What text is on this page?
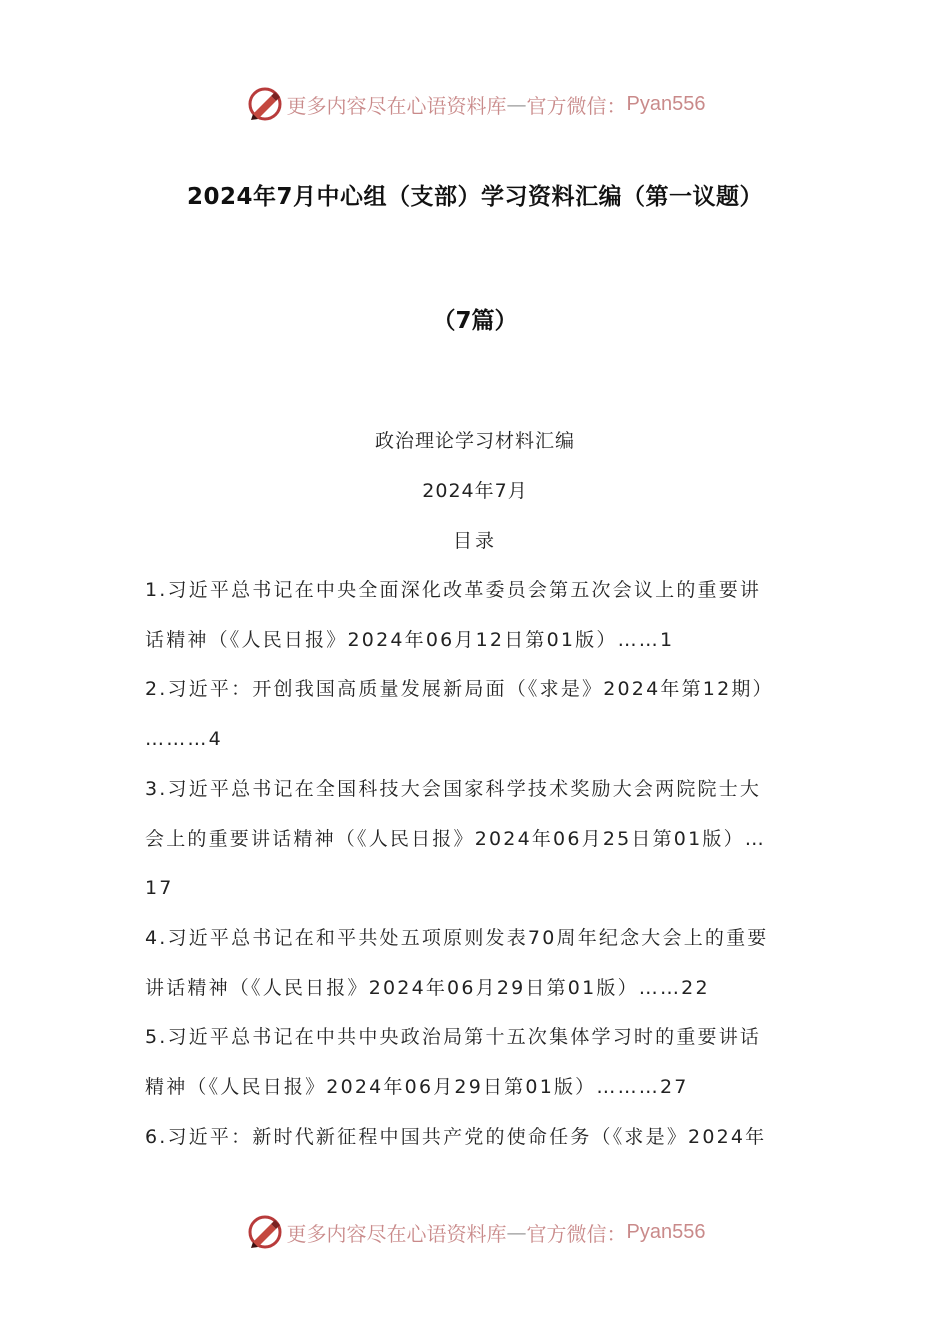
更多内容尽在心语资料库 — 官方微信： Pyan556
2024年7月中心组（支部）学习资料汇编（第一议题）
（7篇）
政治理论学习材料汇编
2024年7月
目录
1.习近平总书记在中央全面深化改革委员会第五次会议上的重要讲
话精神（《人民日报》2024年06月12日第01版）……1
2.习近平：开创我国高质量发展新局面（《求是》2024年第12期）
………4
3.习近平总书记在全国科技大会国家科学技术奖励大会两院院士大
会上的重要讲话精神（《人民日报》2024年06月25日第01版）…
17
4.习近平总书记在和平共处五项原则发表70周年纪念大会上的重要
讲话精神（《人民日报》2024年06月29日第01版）……22
5.习近平总书记在中共中央政治局第十五次集体学习时的重要讲话
精神（《人民日报》2024年06月29日第01版）………27
6.习近平：新时代新征程中国共产党的使命任务（《求是》2024年
更多内容尽在心语资料库 — 官方微信： Pyan556
